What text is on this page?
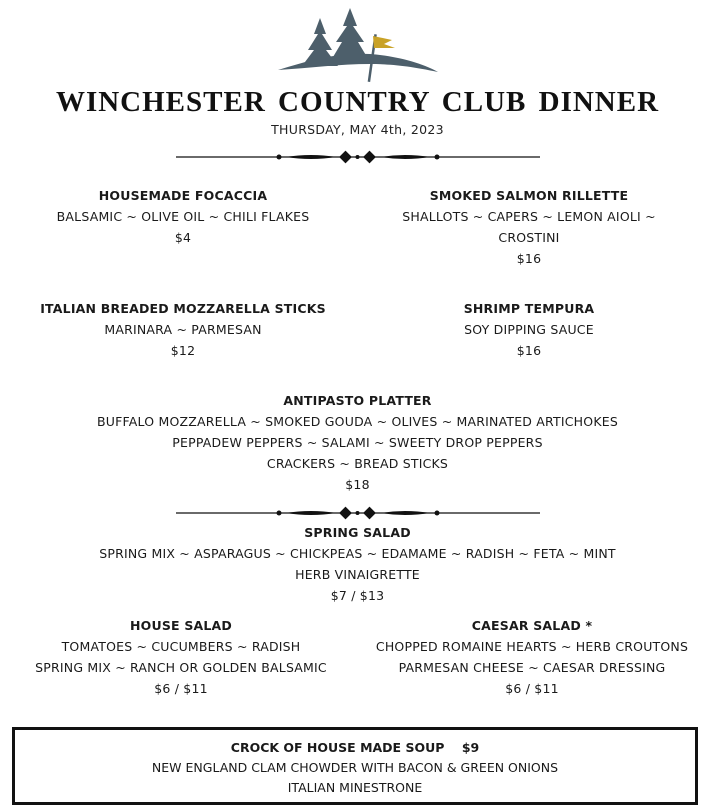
WINCHESTER COUNTRY CLUB DINNER
THURSDAY, MAY 4th, 2023
HOUSEMADE FOCACCIA
BALSAMIC ~ OLIVE OIL ~ CHILI FLAKES
$4
SMOKED SALMON RILLETTE
SHALLOTS ~ CAPERS ~ LEMON AIOLI ~
CROSTINI
$16
ITALIAN BREADED MOZZARELLA STICKS
MARINARA ~ PARMESAN
$12
SHRIMP TEMPURA
SOY DIPPING SAUCE
$16
ANTIPASTO PLATTER
BUFFALO MOZZARELLA ~ SMOKED GOUDA ~ OLIVES ~ MARINATED ARTICHOKES
PEPPADEW PEPPERS ~ SALAMI ~ SWEETY DROP PEPPERS
CRACKERS ~ BREAD STICKS
$18
SPRING SALAD
SPRING MIX ~ ASPARAGUS ~ CHICKPEAS ~ EDAMAME ~ RADISH ~ FETA ~ MINT
HERB VINAIGRETTE
$7 / $13
HOUSE SALAD
TOMATOES ~ CUCUMBERS ~ RADISH
SPRING MIX ~ RANCH OR GOLDEN BALSAMIC
$6 / $11
CAESAR SALAD *
CHOPPED ROMAINE HEARTS ~ HERB CROUTONS
PARMESAN CHEESE ~ CAESAR DRESSING
$6 / $11
CROCK OF HOUSE MADE SOUP $9
NEW ENGLAND CLAM CHOWDER WITH BACON & GREEN ONIONS
ITALIAN MINESTRONE
